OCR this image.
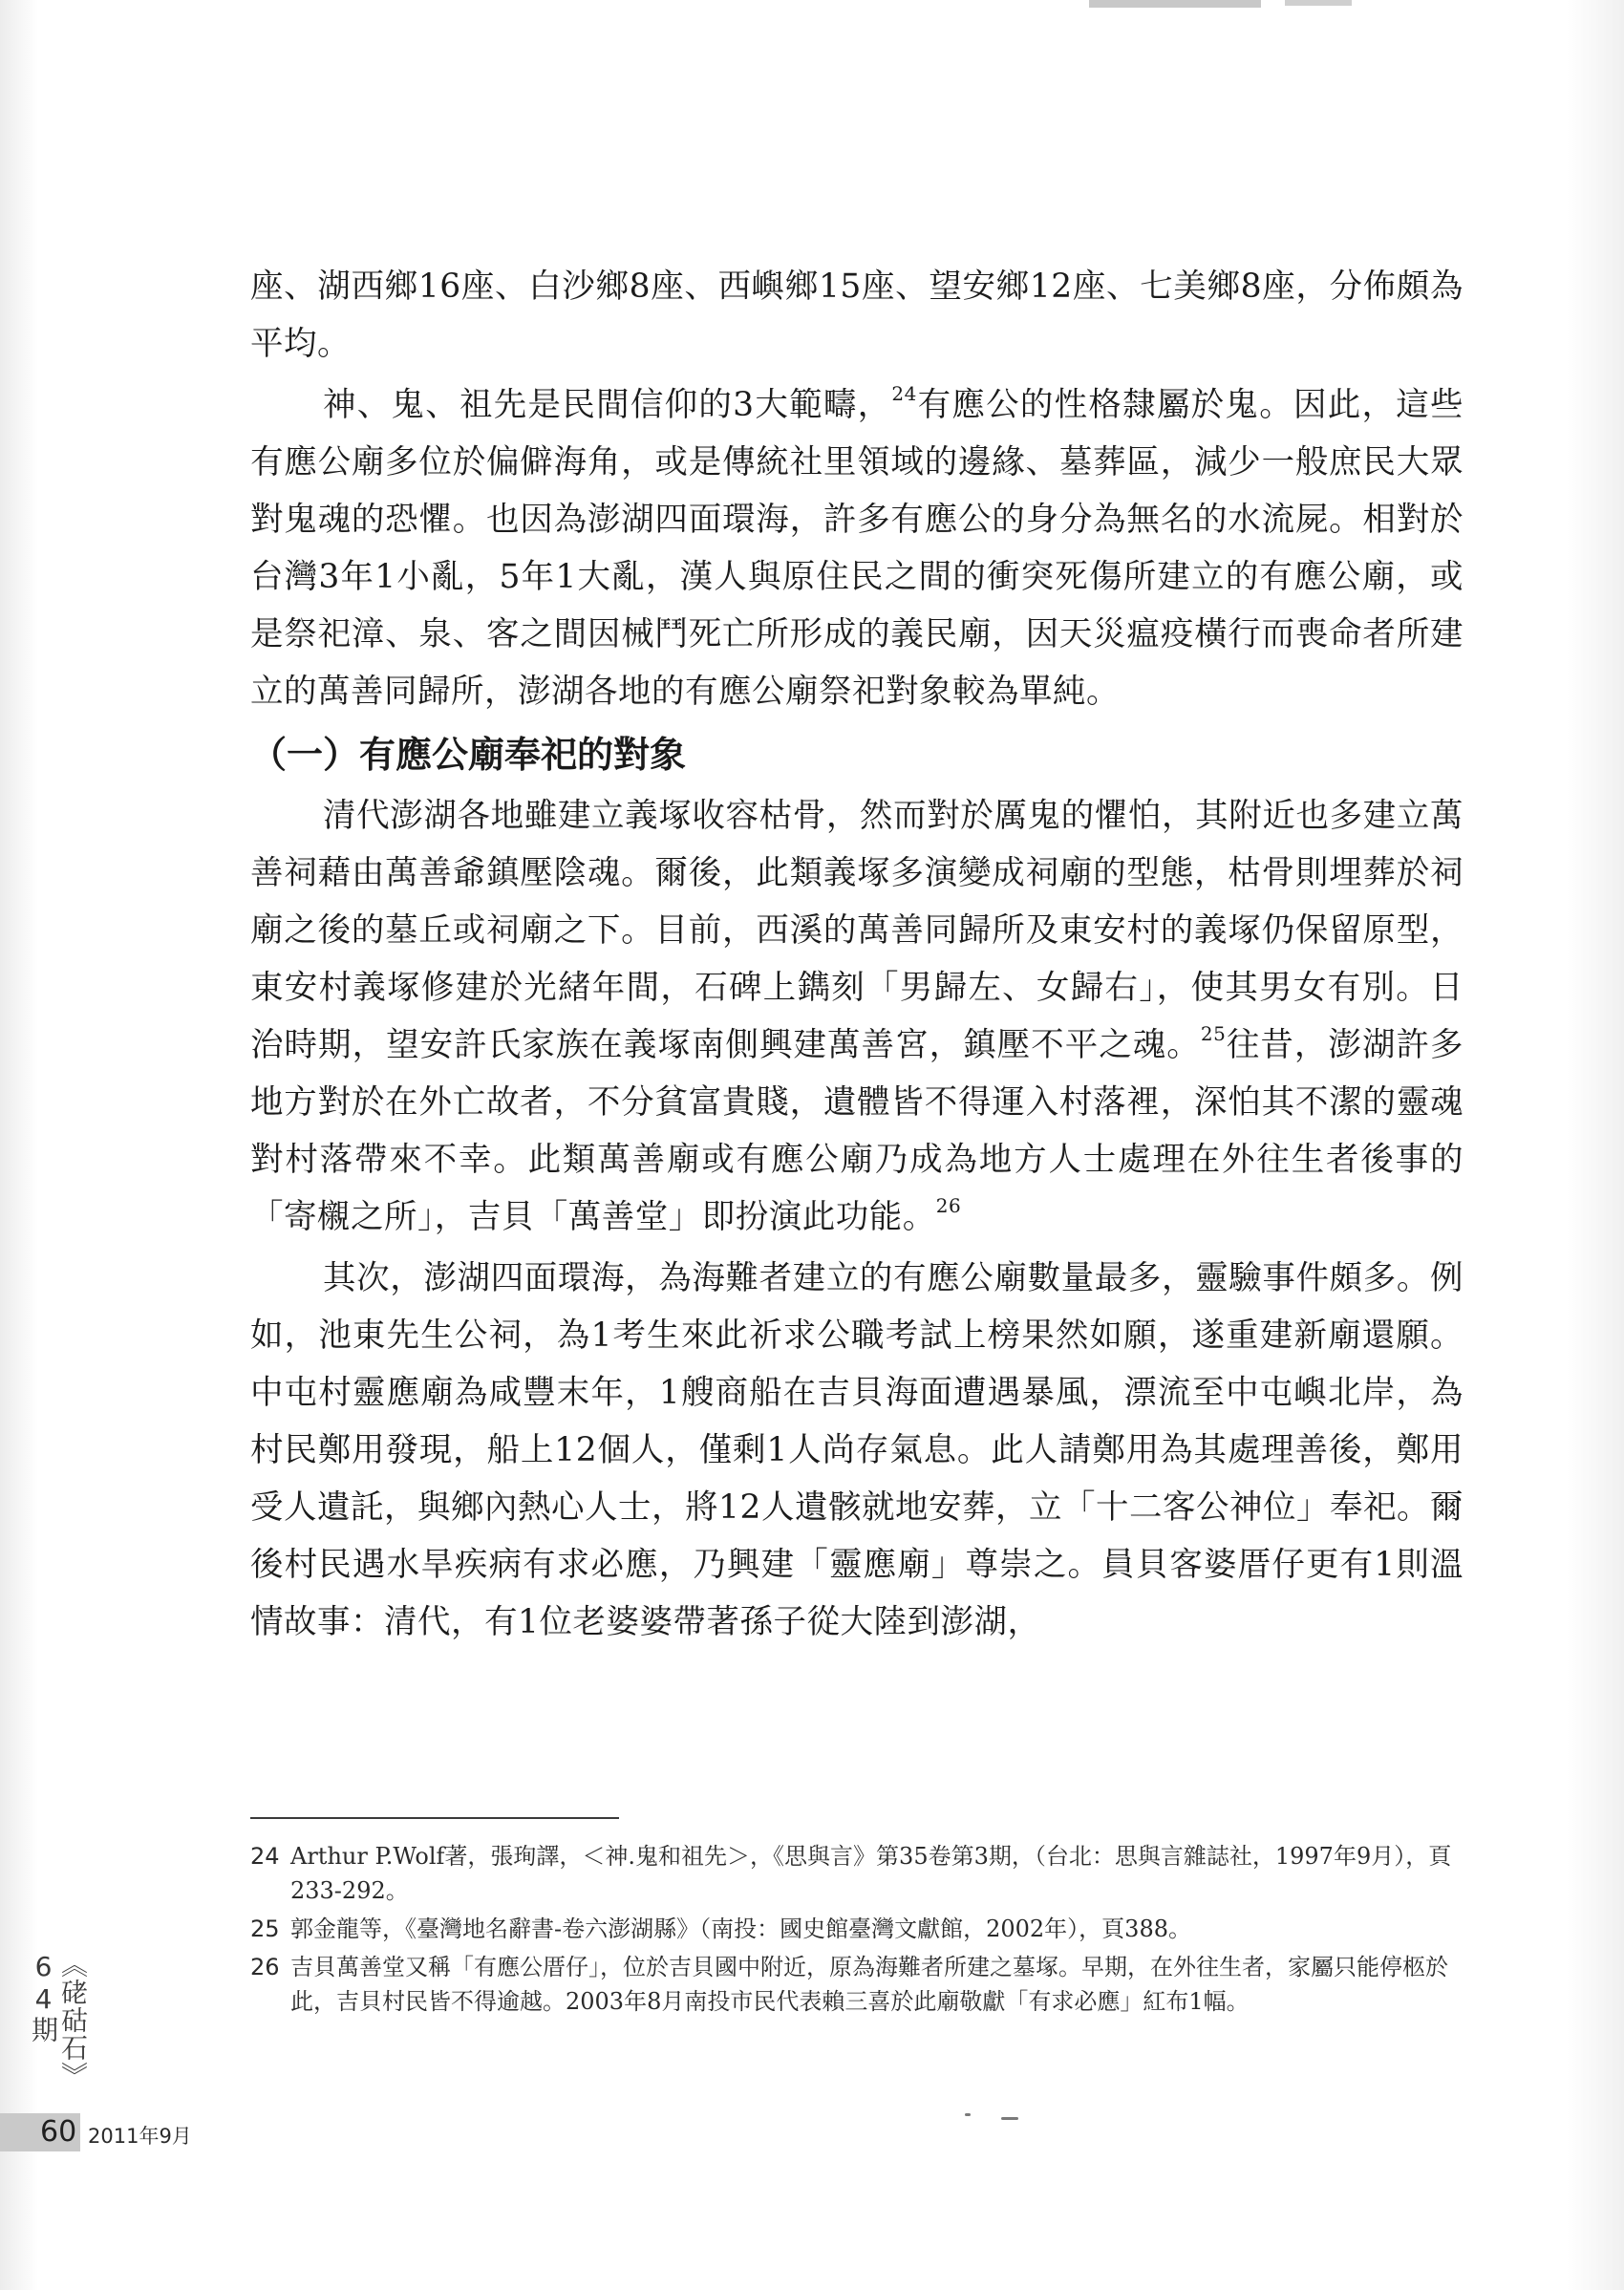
座、湖西鄉16座、白沙鄉8座、西嶼鄉15座、望安鄉12座、七美鄉8座，分佈頗為平均。

神、鬼、祖先是民間信仰的3大範疇，$^{24}$有應公的性格隸屬於鬼。因此，這些有應公廟多位於偏僻海角，或是傳統社里領域的邊緣、墓葬區，減少一般庶民大眾對鬼魂的恐懼。也因為澎湖四面環海，許多有應公的身分為無名的水流屍。相對於台灣3年1小亂，5年1大亂，漢人與原住民之間的衝突死傷所建立的有應公廟，或是祭祀漳、泉、客之間因械鬥死亡所形成的義民廟，因天災瘟疫橫行而喪命者所建立的萬善同歸所，澎湖各地的有應公廟祭祀對象較為單純。

（一）有應公廟奉祀的對象

清代澎湖各地雖建立義塚收容枯骨，然而對於厲鬼的懼怕，其附近也多建立萬善祠藉由萬善爺鎮壓陰魂。爾後，此類義塚多演變成祠廟的型態，枯骨則埋葬於祠廟之後的墓丘或祠廟之下。目前，西溪的萬善同歸所及東安村的義塚仍保留原型，東安村義塚修建於光緒年間，石碑上鐫刻「男歸左、女歸右」，使其男女有別。日治時期，望安許氏家族在義塚南側興建萬善宮，鎮壓不平之魂。$^{25}$往昔，澎湖許多地方對於在外亡故者，不分貧富貴賤，遺體皆不得運入村落裡，深怕其不潔的靈魂對村落帶來不幸。此類萬善廟或有應公廟乃成為地方人士處理在外往生者後事的「寄櫬之所」，吉貝「萬善堂」即扮演此功能。$^{26}$

其次，澎湖四面環海，為海難者建立的有應公廟數量最多，靈驗事件頗多。例如，池東先生公祠，為1考生來此祈求公職考試上榜果然如願，遂重建新廟還願。中屯村靈應廟為咸豐末年，1艘商船在吉貝海面遭遇暴風，漂流至中屯嶼北岸，為村民鄭用發現，船上12個人，僅剩1人尚存氣息。此人請鄭用為其處理善後，鄭用受人遺託，與鄉內熱心人士，將12人遺骸就地安葬，立「十二客公神位」奉祀。爾後村民遇水旱疾病有求必應，乃興建「靈應廟」尊崇之。員貝客婆厝仔更有1則溫情故事：清代，有1位老婆婆帶著孫子從大陸到澎湖，

24 Arthur P.Wolf著，張珣譯，＜神.鬼和祖先＞，《思與言》第35卷第3期，（台北：思與言雜誌社，1997年9月），頁233-292。

25 郭金龍等，《臺灣地名辭書-卷六澎湖縣》（南投：國史館臺灣文獻館，2002年），頁388。

26 吉貝萬善堂又稱「有應公厝仔」，位於吉貝國中附近，原為海難者所建之墓塚。早期，在外往生者，家屬只能停柩於此，吉貝村民皆不得逾越。2003年8月南投市民代表賴三喜於此廟敬獻「有求必應」紅布1幅。

《硓𥑮石》64期
60 2011年9月
